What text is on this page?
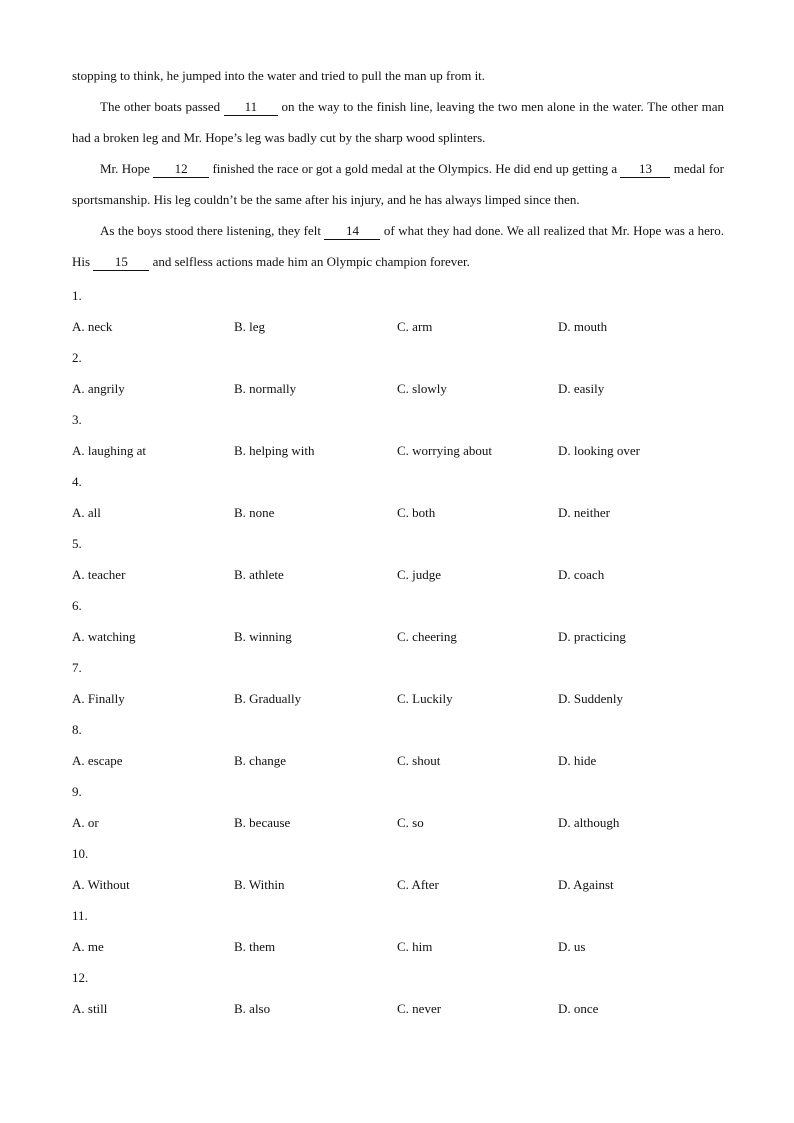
stopping to think, he jumped into the water and tried to pull the man up from it.

The other boats passed 11 on the way to the finish line, leaving the two men alone in the water. The other man had a broken leg and Mr. Hope’s leg was badly cut by the sharp wood splinters.

Mr. Hope 12 finished the race or got a gold medal at the Olympics. He did end up getting a 13 medal for sportsmanship. His leg couldn’t be the same after his injury, and he has always limped since then.

As the boys stood there listening, they felt 14 of what they had done. We all realized that Mr. Hope was a hero. His 15 and selfless actions made him an Olympic champion forever.

1.
A. neck	B. leg	C. arm	D. mouth
2.
A. angrily	B. normally	C. slowly	D. easily
3.
A. laughing at	B. helping with	C. worrying about	D. looking over
4.
A. all	B. none	C. both	D. neither
5.
A. teacher	B. athlete	C. judge	D. coach
6.
A. watching	B. winning	C. cheering	D. practicing
7.
A. Finally	B. Gradually	C. Luckily	D. Suddenly
8.
A. escape	B. change	C. shout	D. hide
9.
A. or	B. because	C. so	D. although
10.
A. Without	B. Within	C. After	D. Against
11.
A. me	B. them	C. him	D. us
12.
A. still	B. also	C. never	D. once
